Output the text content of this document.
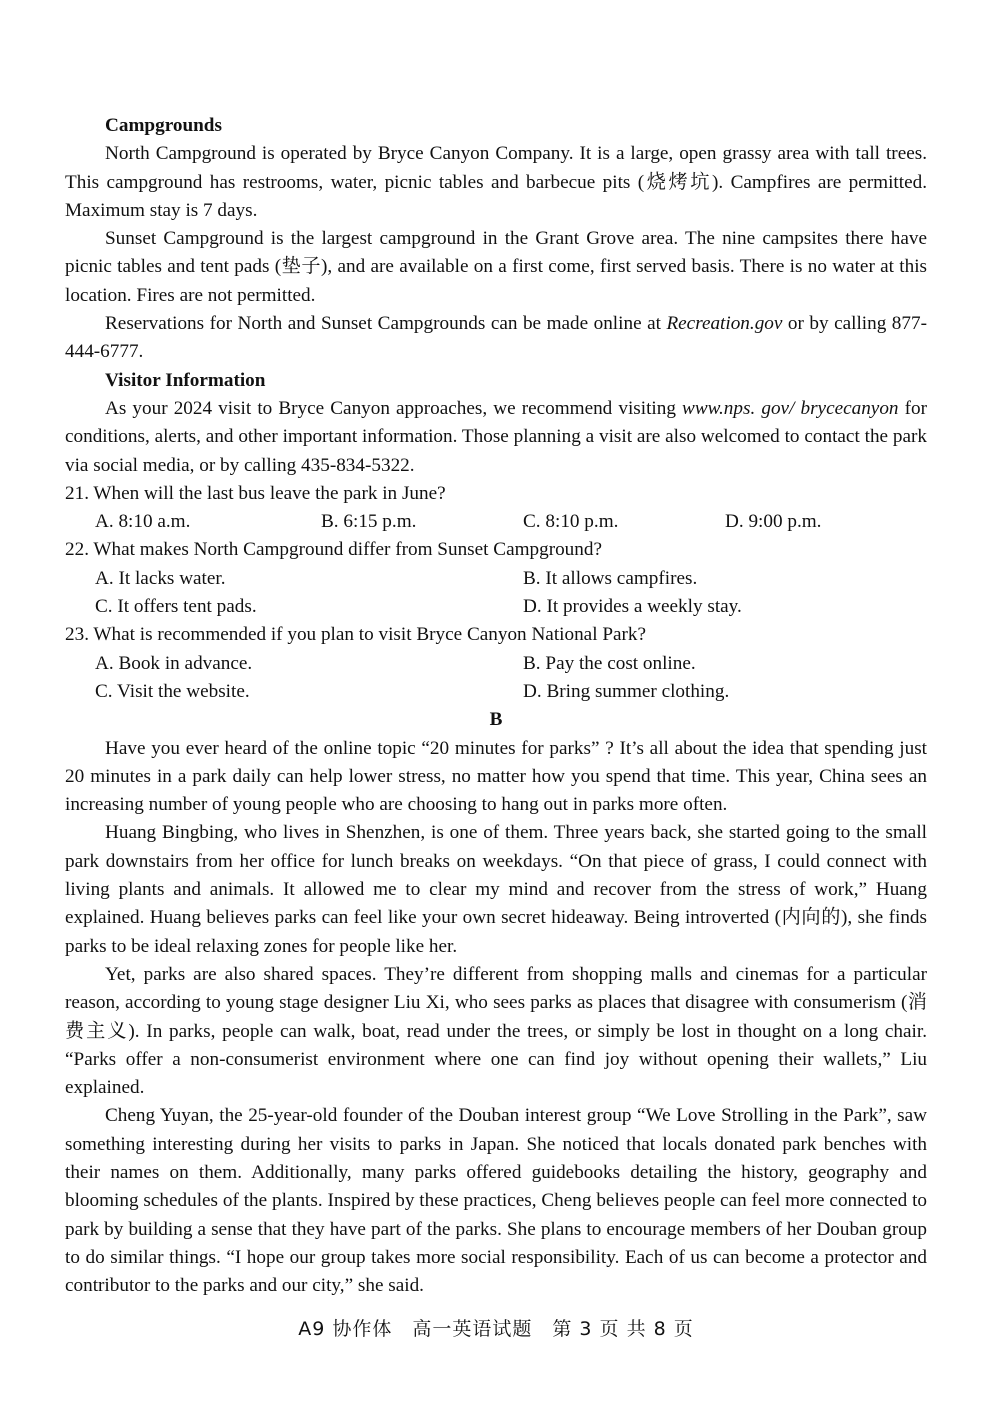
Campgrounds
North Campground is operated by Bryce Canyon Company. It is a large, open grassy area with tall trees. This campground has restrooms, water, picnic tables and barbecue pits (烧烤坑). Campfires are permitted. Maximum stay is 7 days.
Sunset Campground is the largest campground in the Grant Grove area. The nine campsites there have picnic tables and tent pads (垫子), and are available on a first come, first served basis. There is no water at this location. Fires are not permitted.
Reservations for North and Sunset Campgrounds can be made online at Recreation.gov or by calling 877-444-6777.
Visitor Information
As your 2024 visit to Bryce Canyon approaches, we recommend visiting www.nps. gov/ brycecanyon for conditions, alerts, and other important information. Those planning a visit are also welcomed to contact the park via social media, or by calling 435-834-5322.
21. When will the last bus leave the park in June?
A. 8:10 a.m.	B. 6:15 p.m.	C. 8:10 p.m.	D. 9:00 p.m.
22. What makes North Campground differ from Sunset Campground?
A. It lacks water.	B. It allows campfires.
C. It offers tent pads.	D. It provides a weekly stay.
23. What is recommended if you plan to visit Bryce Canyon National Park?
A. Book in advance.	B. Pay the cost online.
C. Visit the website.	D. Bring summer clothing.
B
Have you ever heard of the online topic “20 minutes for parks” ? It’s all about the idea that spending just 20 minutes in a park daily can help lower stress, no matter how you spend that time. This year, China sees an increasing number of young people who are choosing to hang out in parks more often.
Huang Bingbing, who lives in Shenzhen, is one of them. Three years back, she started going to the small park downstairs from her office for lunch breaks on weekdays. “On that piece of grass, I could connect with living plants and animals. It allowed me to clear my mind and recover from the stress of work,” Huang explained. Huang believes parks can feel like your own secret hideaway. Being introverted (内向的), she finds parks to be ideal relaxing zones for people like her.
Yet, parks are also shared spaces. They’re different from shopping malls and cinemas for a particular reason, according to young stage designer Liu Xi, who sees parks as places that disagree with consumerism (消费主义). In parks, people can walk, boat, read under the trees, or simply be lost in thought on a long chair. “Parks offer a non-consumerist environment where one can find joy without opening their wallets,” Liu explained.
Cheng Yuyan, the 25-year-old founder of the Douban interest group “We Love Strolling in the Park”, saw something interesting during her visits to parks in Japan. She noticed that locals donated park benches with their names on them. Additionally, many parks offered guidebooks detailing the history, geography and blooming schedules of the plants. Inspired by these practices, Cheng believes people can feel more connected to park by building a sense that they have part of the parks. She plans to encourage members of her Douban group to do similar things. “I hope our group takes more social responsibility. Each of us can become a protector and contributor to the parks and our city,” she said.
A9 协作体　高一英语试题　第 3 页 共 8 页
